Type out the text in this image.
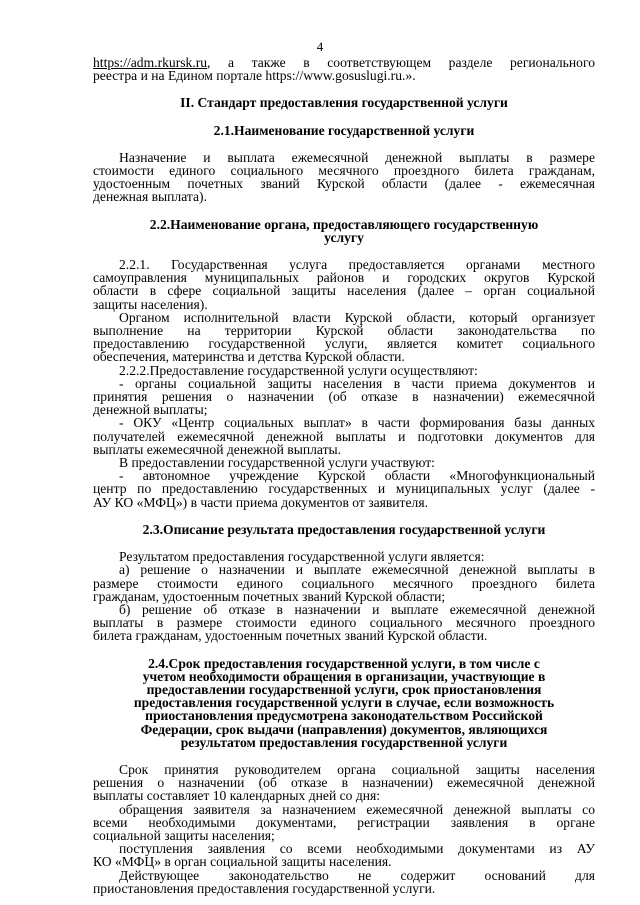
4

https://adm.rkursk.ru, а также в соответствующем разделе регионального

реестра и на Едином портале https://www.gosuslugi.ru.».

II. Стандарт предоставления государственной услуги

2.1.Наименование государственной услуги

Назначение и выплата ежемесячной денежной выплаты в размере

стоимости единого социального месячного проездного билета гражданам,

удостоенным почетных званий Курской области (далее - ежемесячная

денежная выплата).

2.2.Наименование органа, предоставляющего государственную

услугу

2.2.1. Государственная услуга предоставляется органами местного

самоуправления муниципальных районов и городских округов Курской

области в сфере социальной защиты населения (далее – орган социальной

защиты населения).

Органом исполнительной власти Курской области, который организует

выполнение на территории Курской области законодательства по

предоставлению государственной услуги, является комитет социального

обеспечения, материнства и детства Курской области.

2.2.2.Предоставление государственной услуги осуществляют:

- органы социальной защиты населения в части приема документов и

принятия решения о назначении (об отказе в назначении) ежемесячной

денежной выплаты;

- ОКУ «Центр социальных выплат» в части формирования базы данных

получателей ежемесячной денежной выплаты и подготовки документов для

выплаты ежемесячной денежной выплаты.

В предоставлении государственной услуги участвуют:

- автономное учреждение Курской области «Многофункциональный

центр по предоставлению государственных и муниципальных услуг (далее -

АУ КО «МФЦ») в части приема документов от заявителя.

2.3.Описание результата предоставления государственной услуги

Результатом предоставления государственной услуги является:

а) решение о назначении и выплате ежемесячной денежной выплаты в

размере стоимости единого социального месячного проездного билета

гражданам, удостоенным почетных званий Курской области;

б) решение об отказе в назначении и выплате ежемесячной денежной

выплаты в размере стоимости единого социального месячного проездного

билета гражданам, удостоенным почетных званий Курской области.

2.4.Срок предоставления государственной услуги, в том числе с

учетом необходимости обращения в организации, участвующие в

предоставлении государственной услуги, срок приостановления

предоставления государственной услуги в случае, если возможность

приостановления предусмотрена законодательством Российской

Федерации, срок выдачи (направления) документов, являющихся

результатом предоставления государственной услуги

Срок принятия руководителем органа социальной защиты населения

решения о назначении (об отказе в назначении) ежемесячной денежной

выплаты составляет 10 календарных дней со дня:

обращения заявителя за назначением ежемесячной денежной выплаты со

всеми необходимыми документами, регистрации заявления в органе

социальной защиты населения;

поступления заявления со всеми необходимыми документами из АУ

КО «МФЦ» в орган социальной защиты населения.

Действующее законодательство не содержит оснований для

приостановления предоставления государственной услуги.
